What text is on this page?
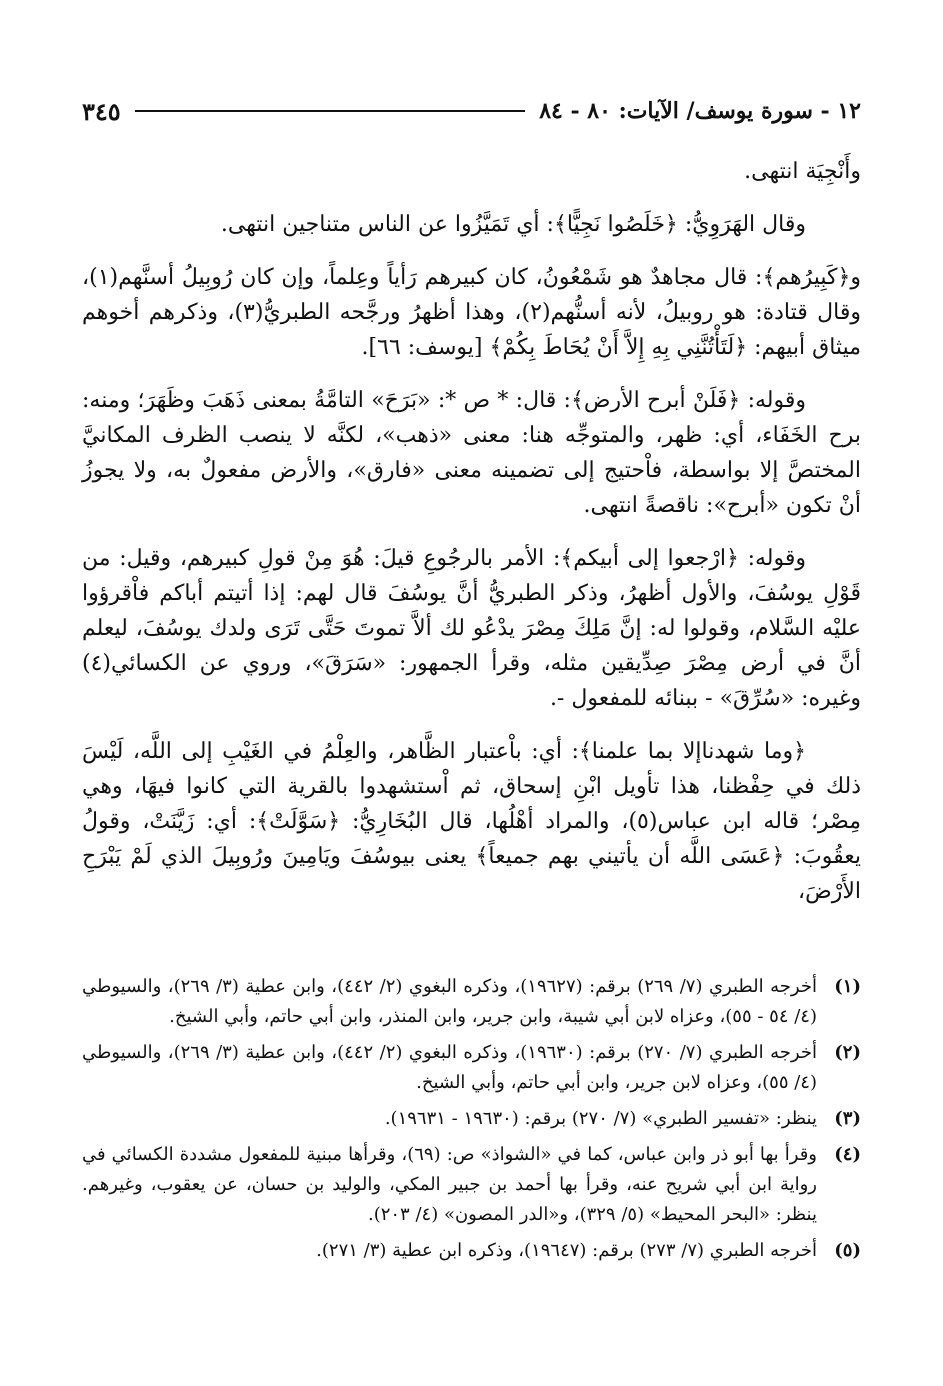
١٢ - سورة يوسف/ الآيات: ٨٠ - ٨٤
٣٤٥

وأَنْجِيَة انتهى.

وقال الهَرَوِيُّ: ﴿خَلَصُوا نَجِيًّا﴾: أي تَمَيَّزُوا عن الناس متناجين انتهى.

و﴿كَبِيرُهم﴾: قال مجاهدٌ هو شَمْعُونُ، كان كبيرهم رَأياً وعِلماً، وإن كان رُوبِيلُ أسنَّهم(١)، وقال قتادة: هو روبيلُ، لأنه أسنُّهم(٢)، وهذا أظهرُ ورجَّحه الطبريُّ(٣)، وذكرهم أخوهم ميثاق أبيهم: ﴿لَتَأْتُنَّنِي بِهِ إِلاَّ أَنْ يُحَاطَ بِكُمْ﴾ [يوسف: ٦٦].

وقوله: ﴿فَلَنْ أبرح الأرض﴾: قال: * ص *: «بَرَحَ» التامَّةُ بمعنى ذَهَبَ وظَهَرَ؛ ومنه: برح الخَفَاء، أي: ظهر، والمتوجِّه هنا: معنى «ذهب»، لكنَّه لا ينصب الظرف المكانيَّ المختصَّ إلا بواسطة، فاْحتيج إلى تضمينه معنى «فارق»، والأرض مفعولٌ به، ولا يجوزُ أنْ تكون «أبرح»: ناقصةً انتهى.

وقوله: ﴿ارْجعوا إلى أبيكم﴾: الأمر بالرجُوعِ قيلَ: هُوَ مِنْ قولِ كبيرهم، وقيل: من قَوْلِ يوسُفَ، والأول أظهرُ، وذكر الطبريُّ أنَّ يوسُفَ قال لهم: إذا أتيتم أباكم فاْقرؤوا عليْه السَّلام، وقولوا له: إنَّ مَلِكَ مِصْرَ يدْعُو لك ألاَّ تموتَ حَتَّى تَرَى ولدك يوسُفَ، ليعلم أنَّ في أرض مِصْرَ صِدِّيقين مثله، وقرأ الجمهور: «سَرَقَ»، وروي عن الكسائي(٤) وغيره: «سُرِّقَ» - ببنائه للمفعول -.

﴿وما شهدناإلا بما علمنا﴾: أي: باْعتبار الظَّاهر، والعِلْمُ في الغَيْبِ إلى اللَّه، لَيْسَ ذلك في حِفْظنا، هذا تأويل ابْنِ إسحاق، ثم اْستشهدوا بالقرية التي كانوا فيهَا، وهي مِصْر؛ قاله ابن عباس(٥)، والمراد أهْلُها، قال البُخَارِيُّ: ﴿سَوَّلَتْ﴾: أي: زَيَّنَتْ، وقولُ يعقُوبَ: ﴿عَسَى اللَّه أن يأتيني بهم جميعاً﴾ يعنى بيوسُفَ ويَامِينَ ورُوبِيلَ الذي لَمْ يَبْرَحِ الأَرْضَ،

(١)
أخرجه الطبري (٧/ ٢٦٩) برقم: (١٩٦٢٧)، وذكره البغوي (٢/ ٤٤٢)، وابن عطية (٣/ ٢٦٩)، والسيوطي (٤/ ٥٤ - ٥٥)، وعزاه لابن أبي شيبة، وابن جرير، وابن المنذر، وابن أبي حاتم، وأبي الشيخ.
(٢)
أخرجه الطبري (٧/ ٢٧٠) برقم: (١٩٦٣٠)، وذكره البغوي (٢/ ٤٤٢)، وابن عطية (٣/ ٢٦٩)، والسيوطي (٤/ ٥٥)، وعزاه لابن جرير، وابن أبي حاتم، وأبي الشيخ.
(٣)
ينظر: «تفسير الطبري» (٧/ ٢٧٠) برقم: (١٩٦٣٠ - ١٩٦٣١).
(٤)
وقرأ بها أبو ذر وابن عباس، كما في «الشواذ» ص: (٦٩)، وقرأها مبنية للمفعول مشددة الكسائي في رواية ابن أبي شريح عنه، وقرأ بها أحمد بن جبير المكي، والوليد بن حسان، عن يعقوب، وغيرهم. ينظر: «البحر المحيط» (٥/ ٣٢٩)، و«الدر المصون» (٤/ ٢٠٣).
(٥)
أخرجه الطبري (٧/ ٢٧٣) برقم: (١٩٦٤٧)، وذكره ابن عطية (٣/ ٢٧١).
